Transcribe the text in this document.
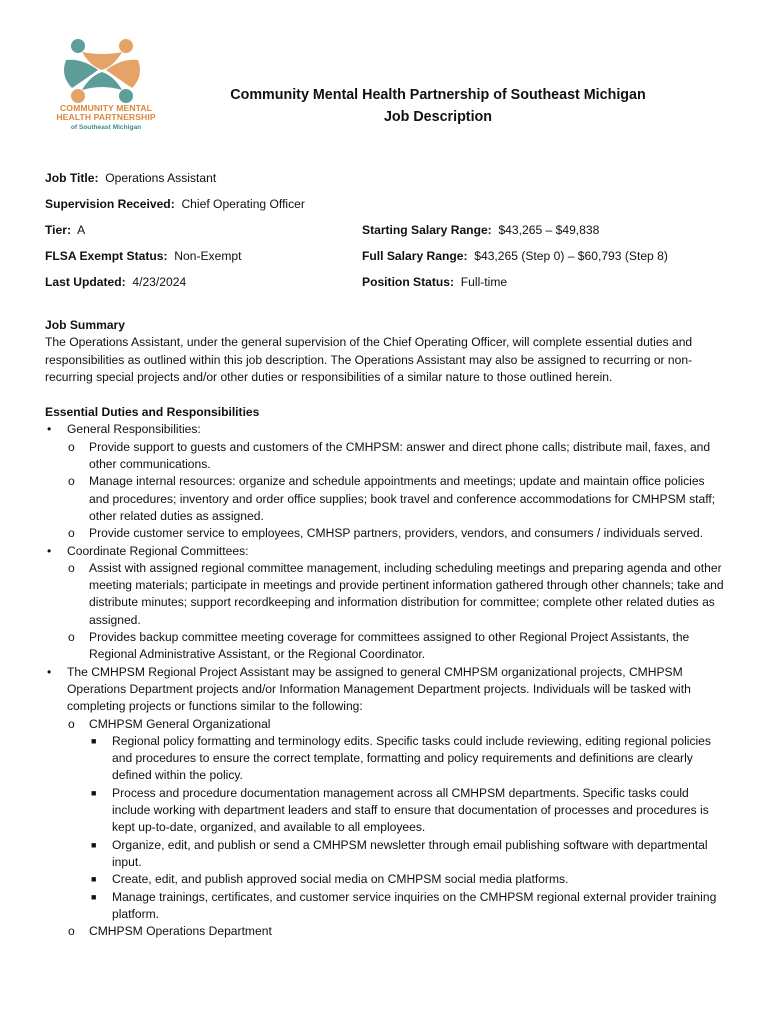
COMMUNITY MENTAL
HEALTH PARTNERSHIP
of Southeast Michigan
Community Mental Health Partnership of Southeast Michigan
Job Description
Job Title: Operations Assistant
Supervision Received: Chief Operating Officer
Tier: A	Starting Salary Range: $43,265 – $49,838
FLSA Exempt Status: Non-Exempt	Full Salary Range: $43,265 (Step 0) – $60,793 (Step 8)
Last Updated: 4/23/2024	Position Status: Full-time
Job Summary

The Operations Assistant, under the general supervision of the Chief Operating Officer, will complete essential duties and responsibilities as outlined within this job description. The Operations Assistant may also be assigned to recurring or non-recurring special projects and/or other duties or responsibilities of a similar nature to those outlined herein.

Essential Duties and Responsibilities
• General Responsibilities:
o Provide support to guests and customers of the CMHPSM: answer and direct phone calls; distribute mail, faxes, and other communications.
o Manage internal resources: organize and schedule appointments and meetings; update and maintain office policies and procedures; inventory and order office supplies; book travel and conference accommodations for CMHPSM staff; other related duties as assigned.
o Provide customer service to employees, CMHSP partners, providers, vendors, and consumers / individuals served.
• Coordinate Regional Committees:
o Assist with assigned regional committee management, including scheduling meetings and preparing agenda and other meeting materials; participate in meetings and provide pertinent information gathered through other channels; take and distribute minutes; support recordkeeping and information distribution for committee; complete other related duties as assigned.
o Provides backup committee meeting coverage for committees assigned to other Regional Project Assistants, the Regional Administrative Assistant, or the Regional Coordinator.
• The CMHPSM Regional Project Assistant may be assigned to general CMHPSM organizational projects, CMHPSM Operations Department projects and/or Information Management Department projects. Individuals will be tasked with completing projects or functions similar to the following:
o CMHPSM General Organizational
■ Regional policy formatting and terminology edits. Specific tasks could include reviewing, editing regional policies and procedures to ensure the correct template, formatting and policy requirements and definitions are clearly defined within the policy.
■ Process and procedure documentation management across all CMHPSM departments. Specific tasks could include working with department leaders and staff to ensure that documentation of processes and procedures is kept up-to-date, organized, and available to all employees.
■ Organize, edit, and publish or send a CMHPSM newsletter through email publishing software with departmental input.
■ Create, edit, and publish approved social media on CMHPSM social media platforms.
■ Manage trainings, certificates, and customer service inquiries on the CMHPSM regional external provider training platform.
o CMHPSM Operations Department
